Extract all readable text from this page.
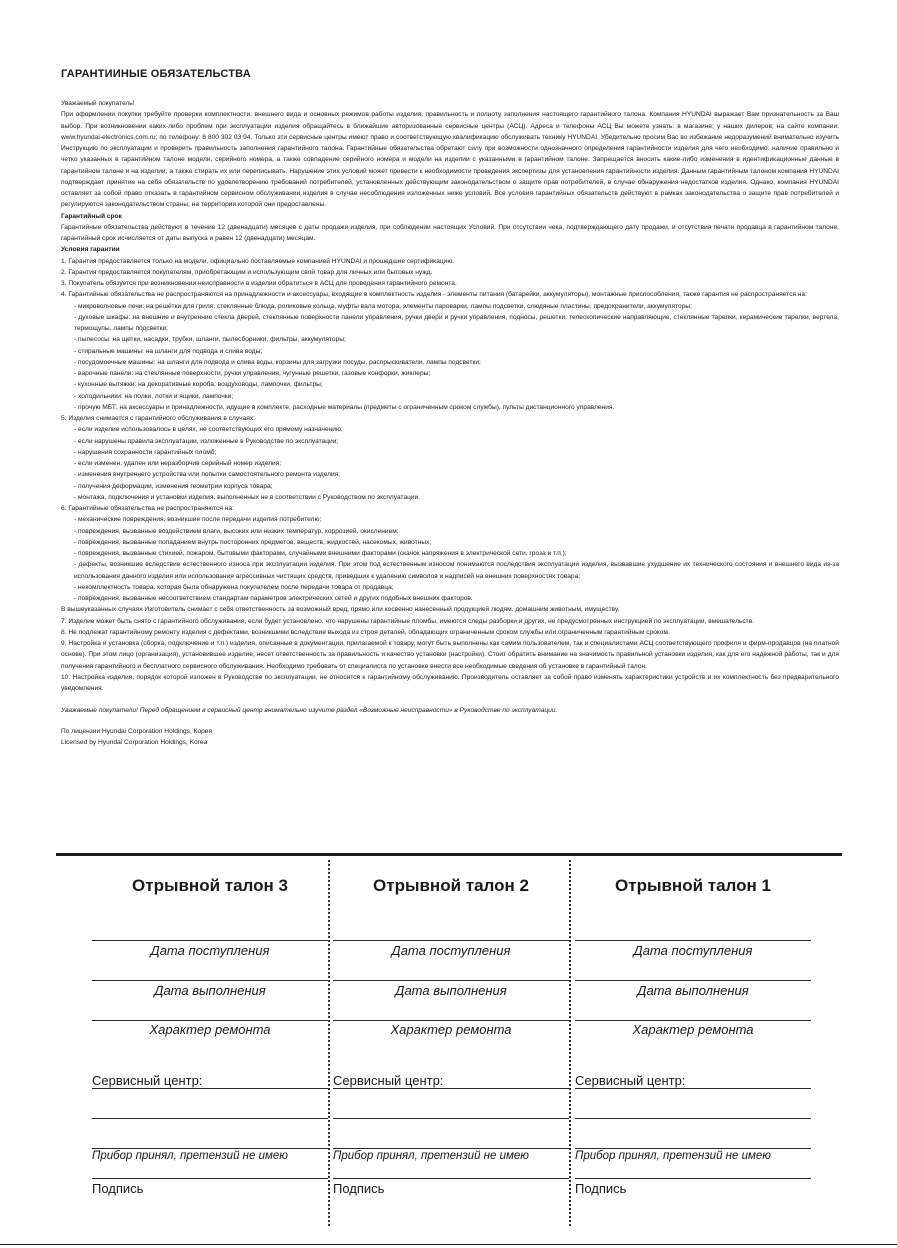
ГАРАНТИИНЫЕ ОБЯЗАТЕЛЬСТВА

Уважаемый покупатель!

При оформлении покупки требуйте проверки комплектности, внешнего вида и основных режимов работы изделия, правильность и полноту заполнения настоящего гарантийного талона. Компания HYUNDAI выражает Вам признательность за Ваш выбор. При возникновении каких-либо проблем при эксплуатации изделия обращайтесь в ближайшие авторизованные сервисные центры (АСЦ). Адреса и телефоны АСЦ Вы можете узнать: в магазине; у наших дилеров; на сайте компании: www.hyundai-electronics.com.ru; по телефону: 8 800 302 03 94. Только эти сервисные центры имеют право и соответствующую квалификацию обслуживать технику HYUNDAI. Убедительно просим Вас во избежание недоразумений внимательно изучить Инструкцию по эксплуатации и проверить правильность заполнения гарантийного талона. Гарантийные обязательства обретают силу при возможности однозначного определения гарантийности изделия для чего необходимо: наличие правильно и четко указанных в гарантийном талоне модели, серийного номера, а также совпадение серийного номера и модели на изделии с указанными в гарантийном талоне. Запрещается вносить какие-либо изменения в идентификационные данные в гарантийном талоне и на изделии, а также стирать их или переписывать. Нарушение этих условий может привести к необходимости проведения экспертизы для установления гарантийности изделия. Данным гарантийным талоном компания HYUNDAI подтверждает принятие на себя обязательств по удовлетворению требований потребителей, установленных действующим законодательством о защите прав потребителей, в случае обнаружения недостатков изделия. Однако, компания HYUNDAI оставляет за собой право отказать в гарантийном сервисном обслуживании изделия в случае несоблюдения изложенных ниже условий. Все условия гарантийных обязательств действуют в рамках законодательства о защите прав потребителей и регулируются законодательством страны, на территории которой они предоставлены.

Гарантийный срок

Гарантийные обязательства действуют в течение 12 (двенадцати) месяцев с даты продажи изделия, при соблюдении настоящих Условий. При отсутствии чека, подтверждающего дату продажи, и отсутствия печати продавца в гарантийном талоне, гарантийный срок исчисляется от даты выпуска и равен 12 (двенадцати) месяцам.

Условия гарантии

1. Гарантия предоставляется только на модели, официально поставляемые компанией HYUNDAI и прошедшие сертификацию.

2. Гарантия предоставляется покупателям, приобретающим и использующим свой товар для личных или бытовых нужд.

3. Покупатель обязуется при возникновении неисправности в изделии обратиться в АСЦ для проведения гарантийного ремонта.

4. Гарантийные обязательства не распространяются на принадлежности и аксессуары, входящие в комплектность изделия - элементы питания (батарейки, аккумуляторы), монтажные приспособления, также гарантия не распространяется на:

- микроволновые печи: на решётки для гриля, стеклянные блюда, роликовые кольца, муфты вала мотора, элементы пароварки, лампы подсветки, слюдяные пластины, предохранители, аккумуляторы;

- духовые шкафы: на внешние и внутренние стекла дверей, стеклянные поверхности панели управления, ручки двери и ручки управления, подносы, решетки, телескопические направляющие, стеклянные тарелки, керамические тарелки, вертела, термощупы, лампы подсветки;

- пылесосы: на щетки, насадки, трубки, шланги, пылесборники, фильтры, аккумуляторы;

- стиральные машины: на шланги для подвода и слива воды;

- посудомоечные машины: на шланги для подвода и слива воды, корзины для загрузки посуды, распрыскиватели, лампы подсветки;

- варочные панели: на стеклянные поверхности, ручки управления, чугунные решетки, газовые конфорки, жиклеры;

- кухонные вытяжки: на декоративные короба, воздуховоды, лампочки, фильтры;

- холодильники: на полки, лотки и ящики, лампочки;

- прочую МБТ: на аксессуары и принадлежности, идущие в комплекте, расходные материалы (предметы с ограниченным сроком службы), пульты дистанционного управления.

5. Изделия снимается с гарантийного обслуживания в случаях:

- если изделие использовалось в целях, не соответствующих его прямому назначению;

- если нарушены правила эксплуатации, изложенные в Руководстве по эксплуатации;

- нарушения сохранности гарантийных пломб;

- если изменен, удален или неразборчив серийный номер изделия;

- изменения внутреннего устройства или попытки самостоятельного ремонта изделия;

- получения деформации, изменения геометрии корпуса товара;

- монтажа, подключения и установки изделия, выполненных не в соответствии с Руководством по эксплуатации.

6. Гарантийные обязательства не распространяются на:

- механические повреждения, возникшие после передачи изделия потребителю;

- повреждения, вызванные воздействием влаги, высоких или низких температур, коррозией, окислением;

- повреждения, вызванные попаданием внутрь посторонних предметов, веществ, жидкостей, насекомых, животных;

- повреждения, вызванные стихией, пожаром, бытовыми факторами, случайными внешними факторами (скачок напряжения в электрической сети, гроза и т.п.);

- дефекты, возникшие вследствие естественного износа при эксплуатации изделия. При этом под естественным износом понимаются последствия эксплуатации изделия, вызвавшие ухудшение их технического состояния и внешнего вида из-за использования данного изделия или использования агрессивных чистящих средств, приведших к удалению символов и надписей на внешних поверхностях товара;

- некомплектность товара, которая была обнаружена покупателем после передачи товара от продавца;

- повреждения, вызванные несоответствием стандартам параметров электрических сетей и других подобных внешних факторов.

В вышеуказанных случаях Изготовитель снимает с себя ответственность за возможный вред, прямо или косвенно нанесенный продукцией людям, домашним животным, имуществу.

7. Изделие может быть снято с гарантийного обслуживания, если будет установлено, что нарушены гарантийные пломбы, имеются следы разборки и других, не предусмотренных инструкцией по эксплуатации, вмешательств.

8. Не подлежат гарантийному ремонту изделия с дефектами, возникшими вследствие выхода из строя деталей, обладающих ограниченным сроком службы или ограниченным гарантийным сроком.

9. Настройка и установка (сборка, подключение и т.п.) изделия, описанные в документации, прилагаемой к товару, могут быть выполнены как самим пользователем, так и специалистами АСЦ соответствующего профиля и фирм-продавцов (на платной основе). При этом лицо (организация), установившее изделие, несет ответственность за правильность и качество установки (настройки). Стоит обратить внимание на значимость правильной установки изделия, как для его надежной работы, так и для получения гарантийного и бесплатного сервисного обслуживания. Необходимо требовать от специалиста по установке внести все необходимые сведения об установке в гарантийный талон.

10. Настройка изделия, порядок которой изложен в Руководстве по эксплуатации, не относится к гарантийному обслуживанию. Производитель оставляет за собой право изменять характеристики устройств и их комплектность без предварительного уведомления.

Уважаемые покупатели! Перед обращением в сервисный центр внимательно изучите раздел «Возможные неисправности» в Руководстве по эксплуатации.
По лицензии Hyundai Corporation Holdings, Корея
Licensed by Hyundai Corporation Holdings, Korea
Отрывной талон 3
Дата поступления
Дата выполнения
Характер ремонта
Сервисный центр:
Прибор принял, претензий не имею
Подпись
Отрывной талон 2
Дата поступления
Дата выполнения
Характер ремонта
Сервисный центр:
Прибор принял, претензий не имею
Подпись
Отрывной талон 1
Дата поступления
Дата выполнения
Характер ремонта
Сервисный центр:
Прибор принял, претензий не имею
Подпись
